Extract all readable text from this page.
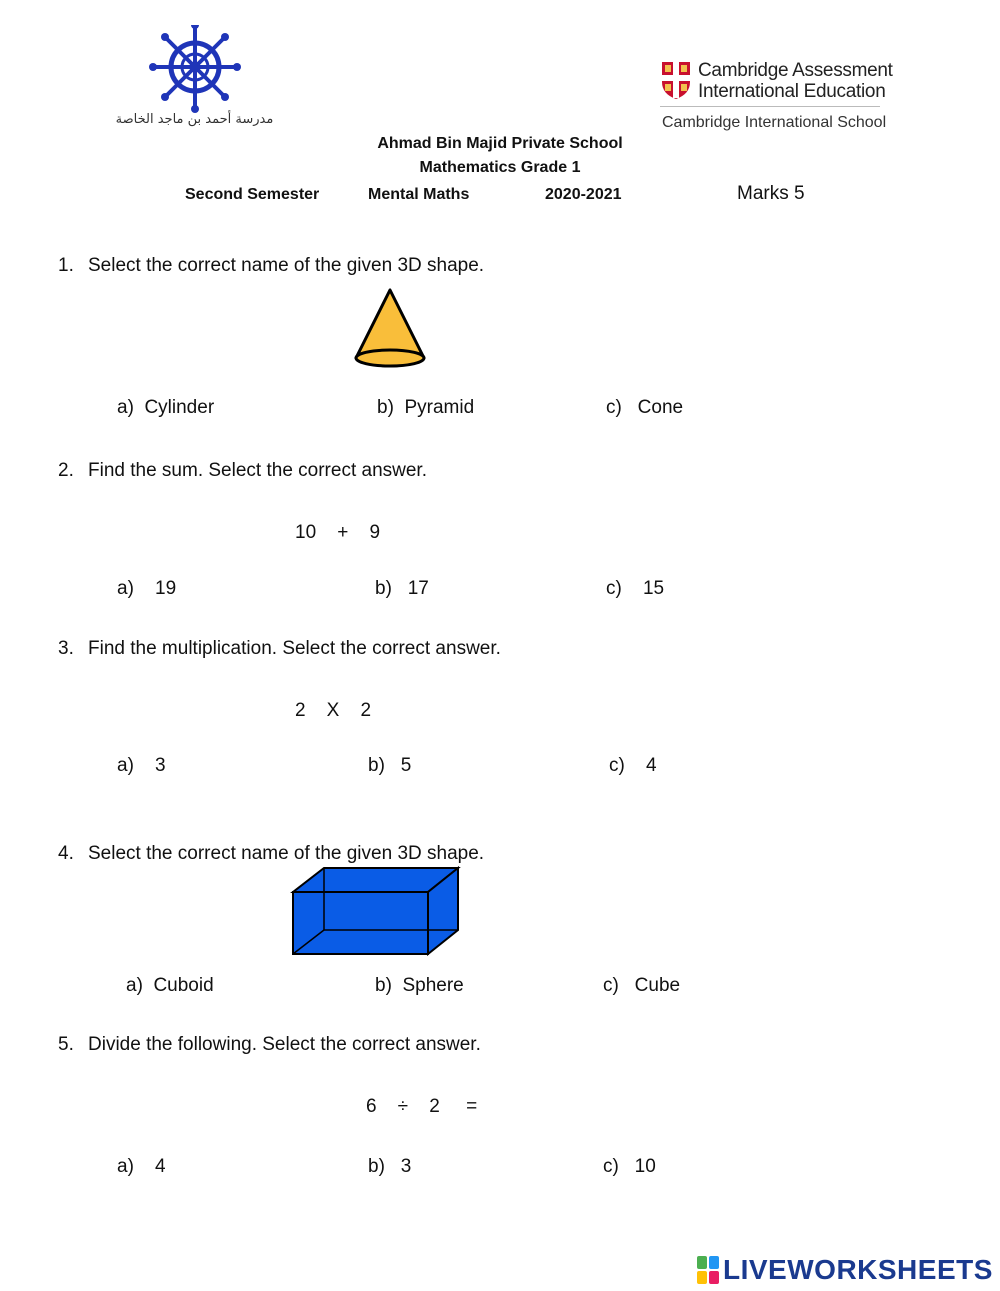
مدرسة أحمد بن ماجد الخاصة
Cambridge Assessment
International Education
Cambridge International School
Ahmad Bin Majid Private School
Mathematics Grade 1
Second Semester	Mental Maths	2020-2021	Marks 5
1. Select the correct name of the given 3D shape.
a)  Cylinder	b)  Pyramid	c)   Cone
2. Find the sum. Select the correct answer.
10    +    9
a)    19	b)   17	c)    15
3. Find the multiplication. Select the correct answer.
2    X    2
a)    3	b)   5	c)    4
4. Select the correct name of the given 3D shape.
a)  Cuboid	b)  Sphere	c)   Cube
5. Divide the following. Select the correct answer.
6    ÷    2     =
a)    4	b)   3	c)   10
LIVEWORKSHEETS
